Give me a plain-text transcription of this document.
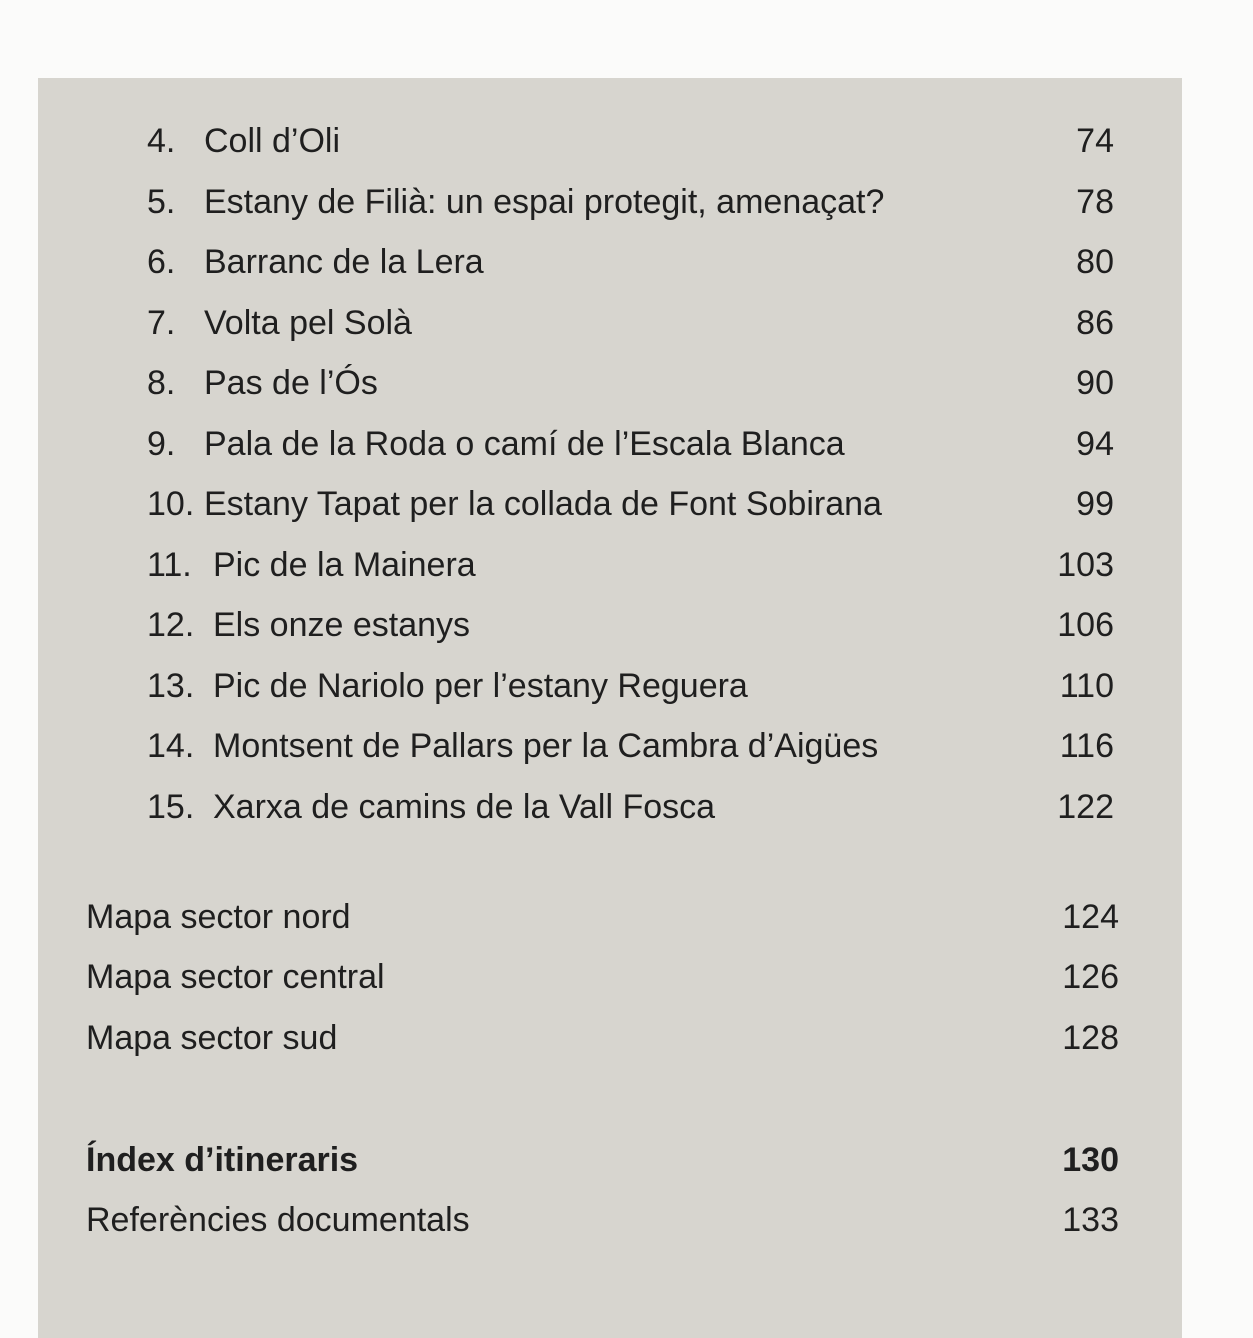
4. Coll d’Oli	74
5. Estany de Filià: un espai protegit, amenaçat?	78
6. Barranc de la Lera	80
7. Volta pel Solà	86
8. Pas de l’Ós	90
9. Pala de la Roda o camí de l’Escala Blanca	94
10. Estany Tapat per la collada de Font Sobirana	99
11. Pic de la Mainera	103
12. Els onze estanys	106
13. Pic de Nariolo per l’estany Reguera	110
14. Montsent de Pallars per la Cambra d’Aigües	116
15. Xarxa de camins de la Vall Fosca	122
Mapa sector nord	124
Mapa sector central	126
Mapa sector sud	128
Índex d’itineraris	130
Referències documentals	133
